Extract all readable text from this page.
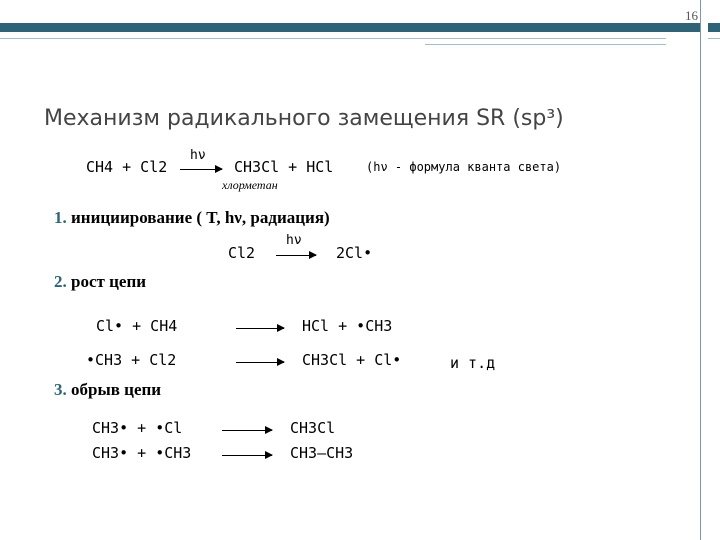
16
Механизм радикального замещения SR (sp³)
CH4 + Cl2
hν
CH3Cl + HCl	(hν - формула кванта света)
хлорметан
1. инициирование ( T, hν, радиация)
Cl2
hν
2Cl•
2. рост цепи
Cl• + CH4	HCl + •CH3
•CH3 + Cl2	CH3Cl + Cl•	и т.д
3. обрыв цепи
CH3• + •Cl	CH3Cl
CH3• + •CH3	CH3–CH3
